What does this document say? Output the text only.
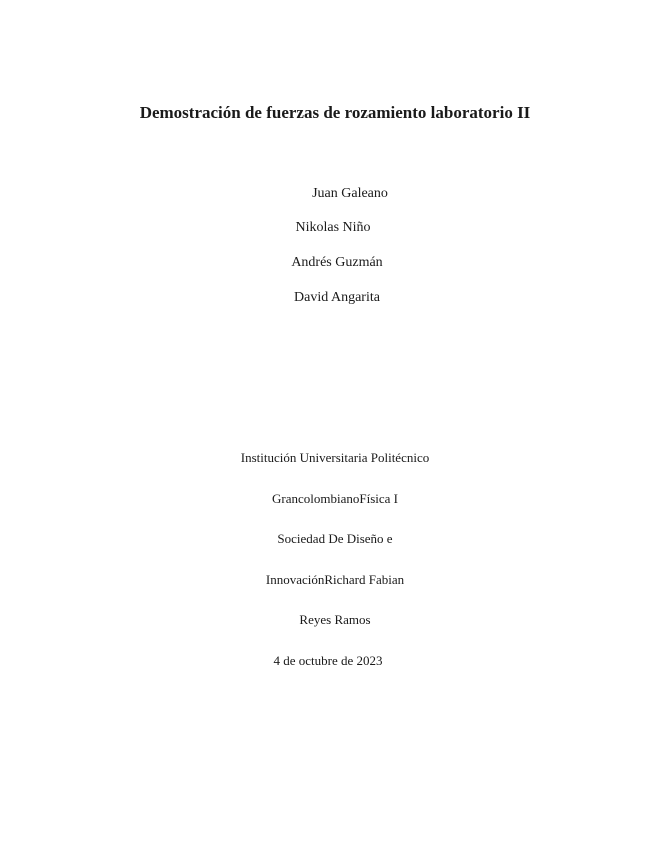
Demostración de fuerzas de rozamiento laboratorio II
Juan Galeano
Nikolas Niño
Andrés Guzmán
David Angarita
Institución Universitaria Politécnico
GrancolombianoFísica I
Sociedad De Diseño e
InnovaciónRichard Fabian
Reyes Ramos
4 de octubre de 2023
